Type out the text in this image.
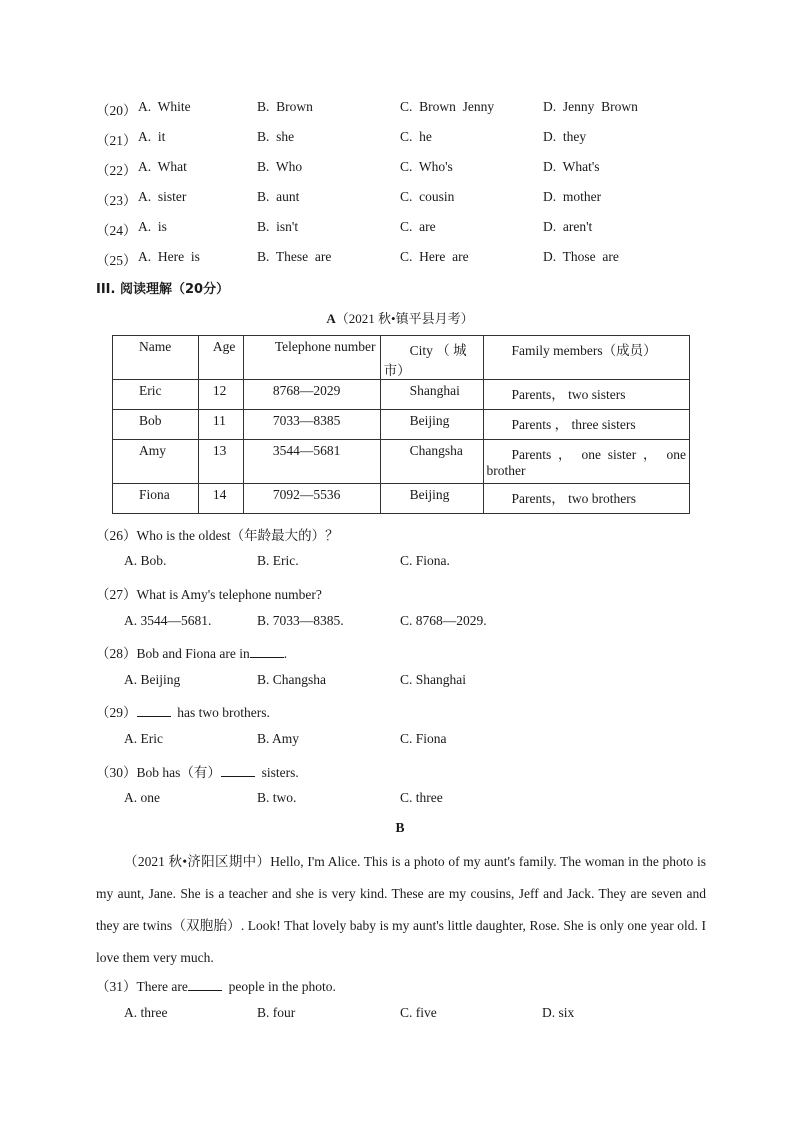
（20） A.  White	B.  Brown	C.  Brown  Jenny	D.  Jenny  Brown
（21） A.  it	B.  she	C.  he	D.  they
（22） A.  What	B.  Who	C.  Who's	D.  What's
（23） A.  sister	B.  aunt	C.  cousin	D.  mother
（24） A.  is	B.  isn't	C.  are	D.  aren't
（25） A.  Here  is	B.  These  are	C.  Here  are	D.  Those  are
III. 阅读理解（20分）
A（2021 秋•镇平县月考）
Name	Age	Telephone number	City （ 城市）	Family members（成员）
Eric	12	8768—2029	Shanghai	Parents， two sisters
Bob	11	7033—8385	Beijing	Parents ， three sisters
Amy	13	3544—5681	Changsha	Parents ， one sister ， one brother
Fiona	14	7092—5536	Beijing	Parents， two brothers
（26）Who is the oldest（年龄最大的）？
A. Bob.	B. Eric.	C. Fiona.
（27）What is Amy's telephone number?
A. 3544—5681.	B. 7033—8385.	C. 8768—2029.
（28）Bob and Fiona are in	.
A. Beijing	B. Changsha	C. Shanghai
（29）	has two brothers.
A. Eric	B. Amy	C. Fiona
（30）Bob has（有）	sisters.
A. one	B. two.	C. three
B
（2021 秋•济阳区期中）Hello, I'm Alice. This is a photo of my aunt's family. The woman in the photo is my aunt, Jane. She is a teacher and she is very kind. These are my cousins, Jeff and Jack. They are seven and they are twins（双胞胎）. Look! That lovely baby is my aunt's little daughter, Rose. She is only one year old. I love them very much.
（31）There are	people in the photo.
A. three	B. four	C. five	D. six
